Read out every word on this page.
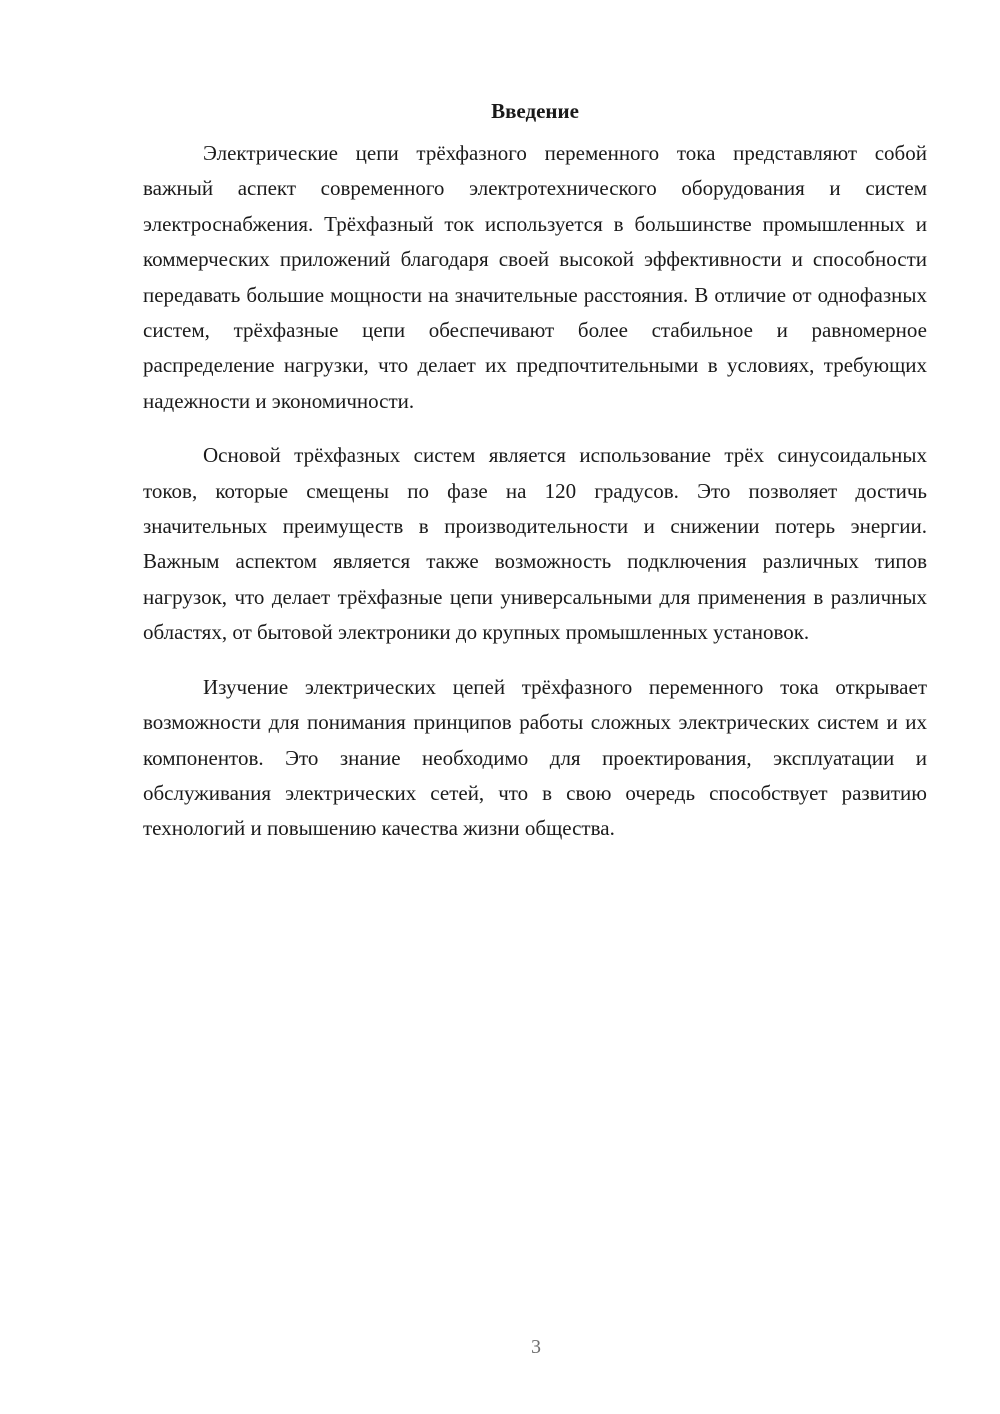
Введение

Электрические цепи трёхфазного переменного тока представляют собой важный аспект современного электротехнического оборудования и систем электроснабжения. Трёхфазный ток используется в большинстве промышленных и коммерческих приложений благодаря своей высокой эффективности и способности передавать большие мощности на значительные расстояния. В отличие от однофазных систем, трёхфазные цепи обеспечивают более стабильное и равномерное распределение нагрузки, что делает их предпочтительными в условиях, требующих надежности и экономичности.

Основой трёхфазных систем является использование трёх синусоидальных токов, которые смещены по фазе на 120 градусов. Это позволяет достичь значительных преимуществ в производительности и снижении потерь энергии. Важным аспектом является также возможность подключения различных типов нагрузок, что делает трёхфазные цепи универсальными для применения в различных областях, от бытовой электроники до крупных промышленных установок.

Изучение электрических цепей трёхфазного переменного тока открывает возможности для понимания принципов работы сложных электрических систем и их компонентов. Это знание необходимо для проектирования, эксплуатации и обслуживания электрических сетей, что в свою очередь способствует развитию технологий и повышению качества жизни общества.

3
